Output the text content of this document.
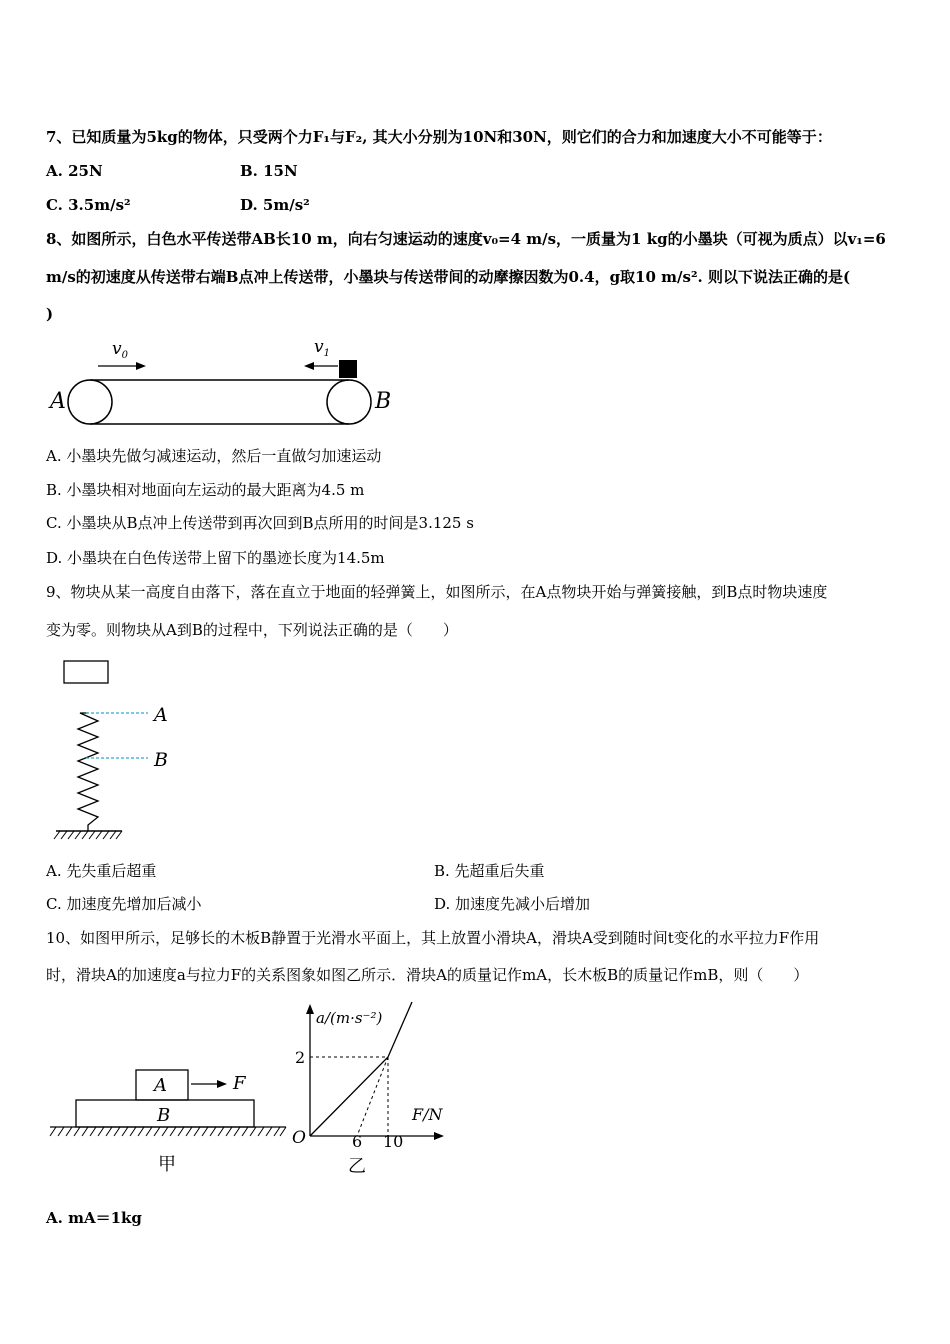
7、已知质量为5kg的物体，只受两个力F₁与F₂, 其大小分别为10N和30N，则它们的合力和加速度大小不可能等于：
A. 25N	B. 15N
C. 3.5m/s²	D. 5m/s²
8、如图所示，白色水平传送带AB长10 m，向右匀速运动的速度v₀=4 m/s，一质量为1 kg的小墨块（可视为质点）以v₁=6
m/s的初速度从传送带右端B点冲上传送带，小墨块与传送带间的动摩擦因数为0.4，g取10 m/s². 则以下说法正确的是(
)
$v_0$	$v_1$
A	B
A. 小墨块先做匀减速运动，然后一直做匀加速运动
B. 小墨块相对地面向左运动的最大距离为4.5 m
C. 小墨块从B点冲上传送带到再次回到B点所用的时间是3.125 s
D. 小墨块在白色传送带上留下的墨迹长度为14.5m
9、物块从某一高度自由落下，落在直立于地面的轻弹簧上，如图所示，在A点物块开始与弹簧接触，到B点时物块速度
变为零。则物块从A到B的过程中，下列说法正确的是（　　）
A
B
A. 先失重后超重	B. 先超重后失重
C. 加速度先增加后减小	D. 加速度先减小后增加
10、如图甲所示，足够长的木板B静置于光滑水平面上，其上放置小滑块A，滑块A受到随时间t变化的水平拉力F作用
时，滑块A的加速度a与拉力F的关系图象如图乙所示．滑块A的质量记作mA，长木板B的质量记作mB，则（　　）
A
B
F
甲
a/(m·s⁻²)
F/N
O
2
6 10
乙
A. mA＝1kg
